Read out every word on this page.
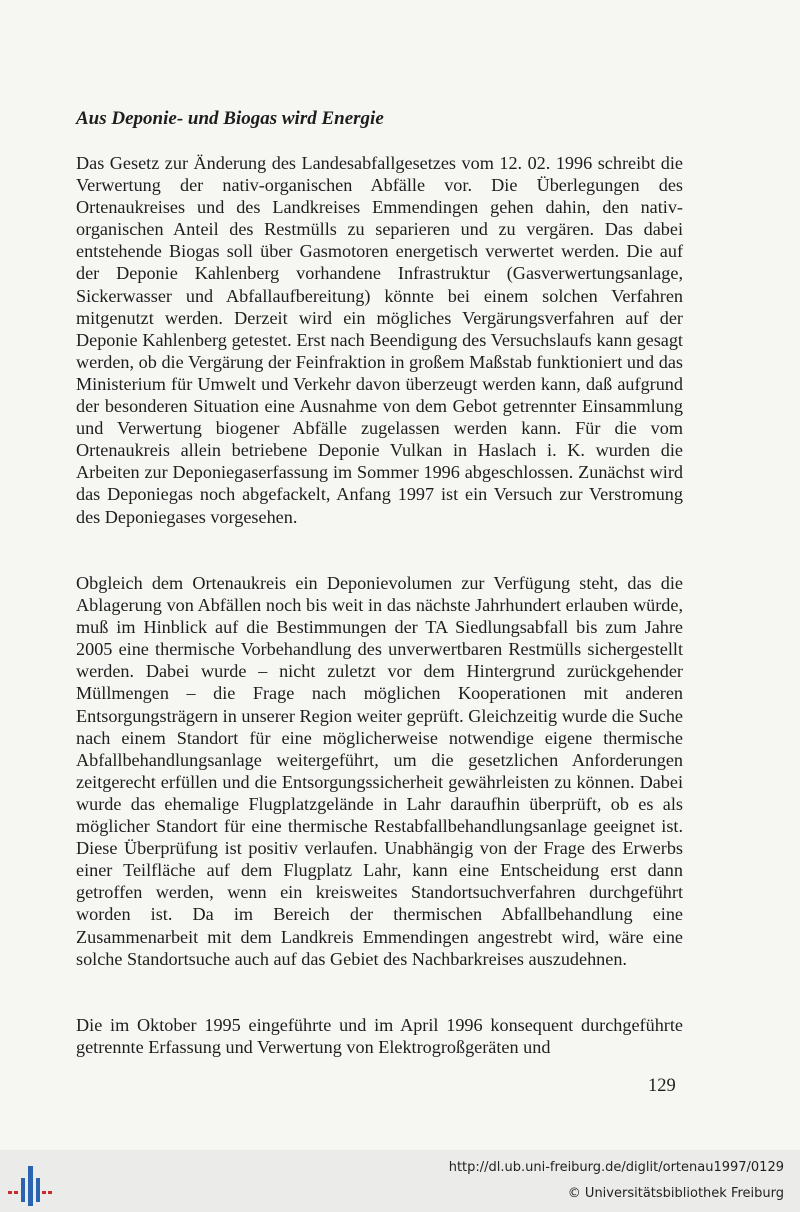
Aus Deponie- und Biogas wird Energie

Das Gesetz zur Änderung des Landesabfallgesetzes vom 12. 02. 1996 schreibt die Verwertung der nativ-organischen Abfälle vor. Die Überlegungen des Ortenaukreises und des Landkreises Emmendingen gehen dahin, den nativ-organischen Anteil des Restmülls zu separieren und zu vergären. Das dabei entstehende Biogas soll über Gasmotoren energetisch verwertet werden. Die auf der Deponie Kahlenberg vorhandene Infrastruktur (Gasverwertungsanlage, Sickerwasser und Abfallaufbereitung) könnte bei einem solchen Verfahren mitgenutzt werden. Derzeit wird ein mögliches Vergärungsverfahren auf der Deponie Kahlenberg getestet. Erst nach Beendigung des Versuchslaufs kann gesagt werden, ob die Vergärung der Feinfraktion in großem Maßstab funktioniert und das Ministerium für Umwelt und Verkehr davon überzeugt werden kann, daß aufgrund der besonderen Situation eine Ausnahme von dem Gebot getrennter Einsammlung und Verwertung biogener Abfälle zugelassen werden kann. Für die vom Ortenaukreis allein betriebene Deponie Vulkan in Haslach i. K. wurden die Arbeiten zur Deponiegaserfassung im Sommer 1996 abgeschlossen. Zunächst wird das Deponiegas noch abgefackelt, Anfang 1997 ist ein Versuch zur Verstromung des Deponiegases vorgesehen.

Obgleich dem Ortenaukreis ein Deponievolumen zur Verfügung steht, das die Ablagerung von Abfällen noch bis weit in das nächste Jahrhundert erlauben würde, muß im Hinblick auf die Bestimmungen der TA Siedlungsabfall bis zum Jahre 2005 eine thermische Vorbehandlung des unverwertbaren Restmülls sichergestellt werden. Dabei wurde – nicht zuletzt vor dem Hintergrund zurückgehender Müllmengen – die Frage nach möglichen Kooperationen mit anderen Entsorgungsträgern in unserer Region weiter geprüft. Gleichzeitig wurde die Suche nach einem Standort für eine möglicherweise notwendige eigene thermische Abfallbehandlungsanlage weitergeführt, um die gesetzlichen Anforderungen zeitgerecht erfüllen und die Entsorgungssicherheit gewährleisten zu können. Dabei wurde das ehemalige Flugplatzgelände in Lahr daraufhin überprüft, ob es als möglicher Standort für eine thermische Restabfallbehandlungsanlage geeignet ist. Diese Überprüfung ist positiv verlaufen. Unabhängig von der Frage des Erwerbs einer Teilfläche auf dem Flugplatz Lahr, kann eine Entscheidung erst dann getroffen werden, wenn ein kreisweites Standortsuchverfahren durchgeführt worden ist. Da im Bereich der thermischen Abfallbehandlung eine Zusammenarbeit mit dem Landkreis Emmendingen angestrebt wird, wäre eine solche Standortsuche auch auf das Gebiet des Nachbarkreises auszudehnen.

Die im Oktober 1995 eingeführte und im April 1996 konsequent durchgeführte getrennte Erfassung und Verwertung von Elektrogroßgeräten und

129
http://dl.ub.uni-freiburg.de/diglit/ortenau1997/0129
© Universitätsbibliothek Freiburg
